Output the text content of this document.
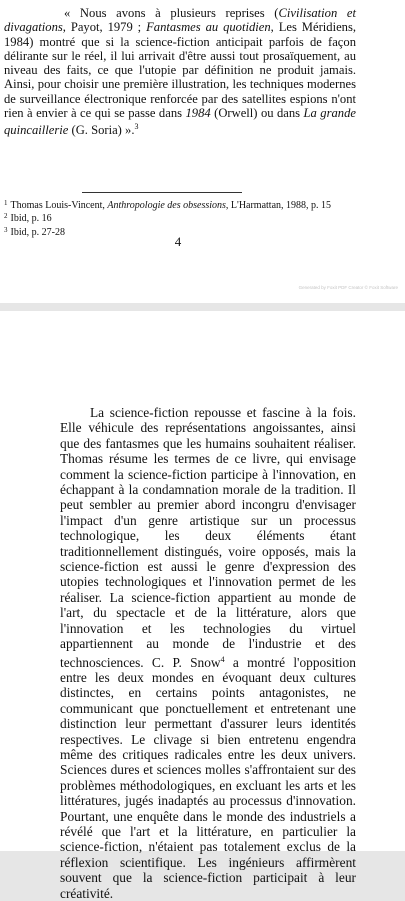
« Nous avons à plusieurs reprises (Civilisation et divagations, Payot, 1979 ; Fantasmes au quotidien, Les Méridiens, 1984) montré que si la science-fiction anticipait parfois de façon délirante sur le réel, il lui arrivait d'être aussi tout prosaïquement, au niveau des faits, ce que l'utopie par définition ne produit jamais. Ainsi, pour choisir une première illustration, les techniques modernes de surveillance électronique renforcée par des satellites espions n'ont rien à envier à ce qui se passe dans 1984 (Orwell) ou dans La grande quincaillerie (G. Soria) ».$^3$

$^1$ Thomas Louis-Vincent, Anthropologie des obsessions, L'Harmattan, 1988, p. 15
$^2$ Ibid, p. 16
$^3$ Ibid, p. 27-28
4
Generated by Foxit PDF Creator © Foxit Software

La science-fiction repousse et fascine à la fois. Elle véhicule des représentations angoissantes, ainsi que des fantasmes que les humains souhaitent réaliser. Thomas résume les termes de ce livre, qui envisage comment la science-fiction participe à l'innovation, en échappant à la condamnation morale de la tradition. Il peut sembler au premier abord incongru d'envisager l'impact d'un genre artistique sur un processus technologique, les deux éléments étant traditionnellement distingués, voire opposés, mais la science-fiction est aussi le genre d'expression des utopies technologiques et l'innovation permet de les réaliser. La science-fiction appartient au monde de l'art, du spectacle et de la littérature, alors que l'innovation et les technologies du virtuel appartiennent au monde de l'industrie et des technosciences. C. P. Snow$^4$ a montré l'opposition entre les deux mondes en évoquant deux cultures distinctes, en certains points antagonistes, ne communicant que ponctuellement et entretenant une distinction leur permettant d'assurer leurs identités respectives. Le clivage si bien entretenu engendra même des critiques radicales entre les deux univers. Sciences dures et sciences molles s'affrontaient sur des problèmes méthodologiques, en excluant les arts et les littératures, jugés inadaptés au processus d'innovation. Pourtant, une enquête dans le monde des industriels a révélé que l'art et la littérature, en particulier la science-fiction, n'étaient pas totalement exclus de la réflexion scientifique. Les ingénieurs affirmèrent souvent que la science-fiction participait à leur créativité.
